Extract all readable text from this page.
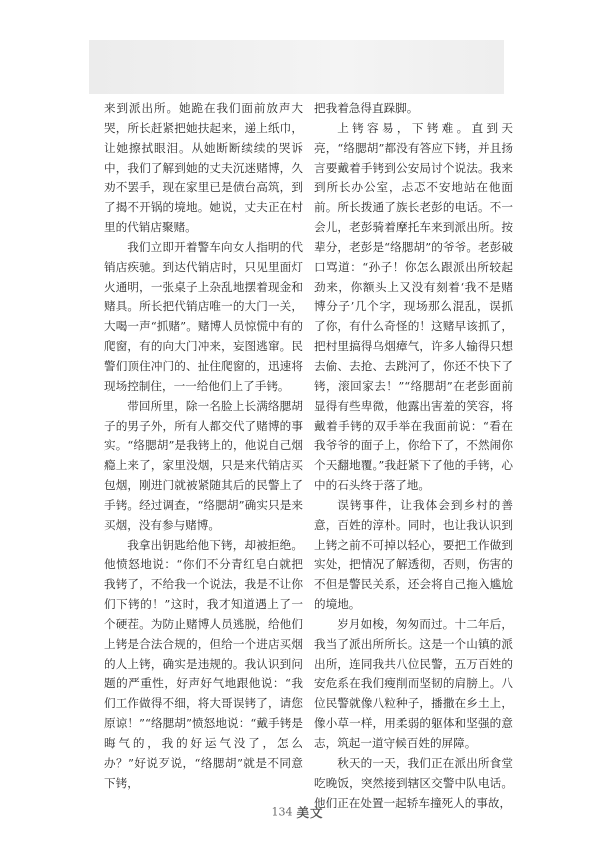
来到派出所。她跪在我们面前放声大哭，所长赶紧把她扶起来，递上纸巾，让她擦拭眼泪。从她断断续续的哭诉中，我们了解到她的丈夫沉迷赌博，久劝不罢手，现在家里已是债台高筑，到了揭不开锅的境地。她说，丈夫正在村里的代销店聚赌。

我们立即开着警车向女人指明的代销店疾驰。到达代销店时，只见里面灯火通明，一张桌子上杂乱地摆着现金和赌具。所长把代销店唯一的大门一关，大喝一声“抓赌”。赌博人员惊慌中有的爬窗，有的向大门冲来，妄图逃窜。民警们顶住冲门的、扯住爬窗的，迅速将现场控制住，一一给他们上了手铐。

带回所里，除一名脸上长满络腮胡子的男子外，所有人都交代了赌博的事实。“络腮胡”是我铐上的，他说自己烟瘾上来了，家里没烟，只是来代销店买包烟，刚进门就被紧随其后的民警上了手铐。经过调查，“络腮胡”确实只是来买烟，没有参与赌博。

我拿出钥匙给他下铐，却被拒绝。他愤怒地说：“你们不分青红皂白就把我铐了，不给我一个说法，我是不让你们下铐的！”这时，我才知道遇上了一个硬茬。为防止赌博人员逃脱，给他们上铐是合法合规的，但给一个进店买烟的人上铐，确实是违规的。我认识到问题的严重性，好声好气地跟他说：“我们工作做得不细，将大哥误铐了，请您原谅！”“络腮胡”愤怒地说：“戴手铐是晦气的，我的好运气没了，怎么办？”好说歹说，“络腮胡”就是不同意下铐，

把我着急得直跺脚。

上铐容易，下铐难。直到天亮，“络腮胡”都没有答应下铐，并且扬言要戴着手铐到公安局讨个说法。我来到所长办公室，忐忑不安地站在他面前。所长拨通了族长老彭的电话。不一会儿，老彭骑着摩托车来到派出所。按辈分，老彭是“络腮胡”的爷爷。老彭破口骂道：“孙子！你怎么跟派出所较起劲来，你额头上又没有刻着‘我不是赌博分子’几个字，现场那么混乱，误抓了你，有什么奇怪的！这赌早该抓了，把村里搞得乌烟瘴气，许多人输得只想去偷、去抢、去跳河了，你还不快下了铐，滚回家去！”“络腮胡”在老彭面前显得有些卑微，他露出害羞的笑容，将戴着手铐的双手举在我面前说：“看在我爷爷的面子上，你给下了，不然闹你个天翻地覆。”我赶紧下了他的手铐，心中的石头终于落了地。

误铐事件，让我体会到乡村的善意，百姓的淳朴。同时，也让我认识到上铐之前不可掉以轻心，要把工作做到实处，把情况了解透彻，否则，伤害的不但是警民关系，还会将自己拖入尴尬的境地。

岁月如梭，匆匆而过。十二年后，我当了派出所所长。这是一个山镇的派出所，连同我共八位民警，五万百姓的安危系在我们瘦削而坚韧的肩膀上。八位民警就像八粒种子，播撒在乡土上，像小草一样，用柔弱的躯体和坚强的意志，筑起一道守候百姓的屏障。

秋天的一天，我们正在派出所食堂吃晚饭，突然接到辖区交警中队电话。他们正在处置一起轿车撞死人的事故，

134 美文
